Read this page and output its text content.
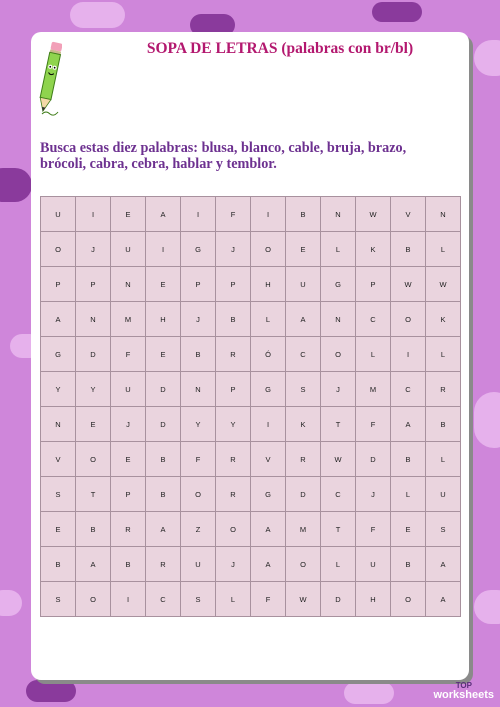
SOPA DE LETRAS (palabras con br/bl)
Busca estas diez palabras: blusa, blanco, cable, bruja, brazo, brócoli, cabra, cebra, hablar y temblor.
U	I	E	A	I	F	I	B	N	W	V	N
O	J	U	I	G	J	O	E	L	K	B	L
P	P	N	E	P	P	H	U	G	P	W	W
A	N	M	H	J	B	L	A	N	C	O	K
G	D	F	E	B	R	Ó	C	O	L	I	L
Y	Y	U	D	N	P	G	S	J	M	C	R
N	E	J	D	Y	Y	I	K	T	F	A	B
V	O	E	B	F	R	V	R	W	D	B	L
S	T	P	B	O	R	G	D	C	J	L	U
E	B	R	A	Z	O	A	M	T	F	E	S
B	A	B	R	U	J	A	O	L	U	B	A
S	O	I	C	S	L	F	W	D	H	O	A
TOP
worksheets
